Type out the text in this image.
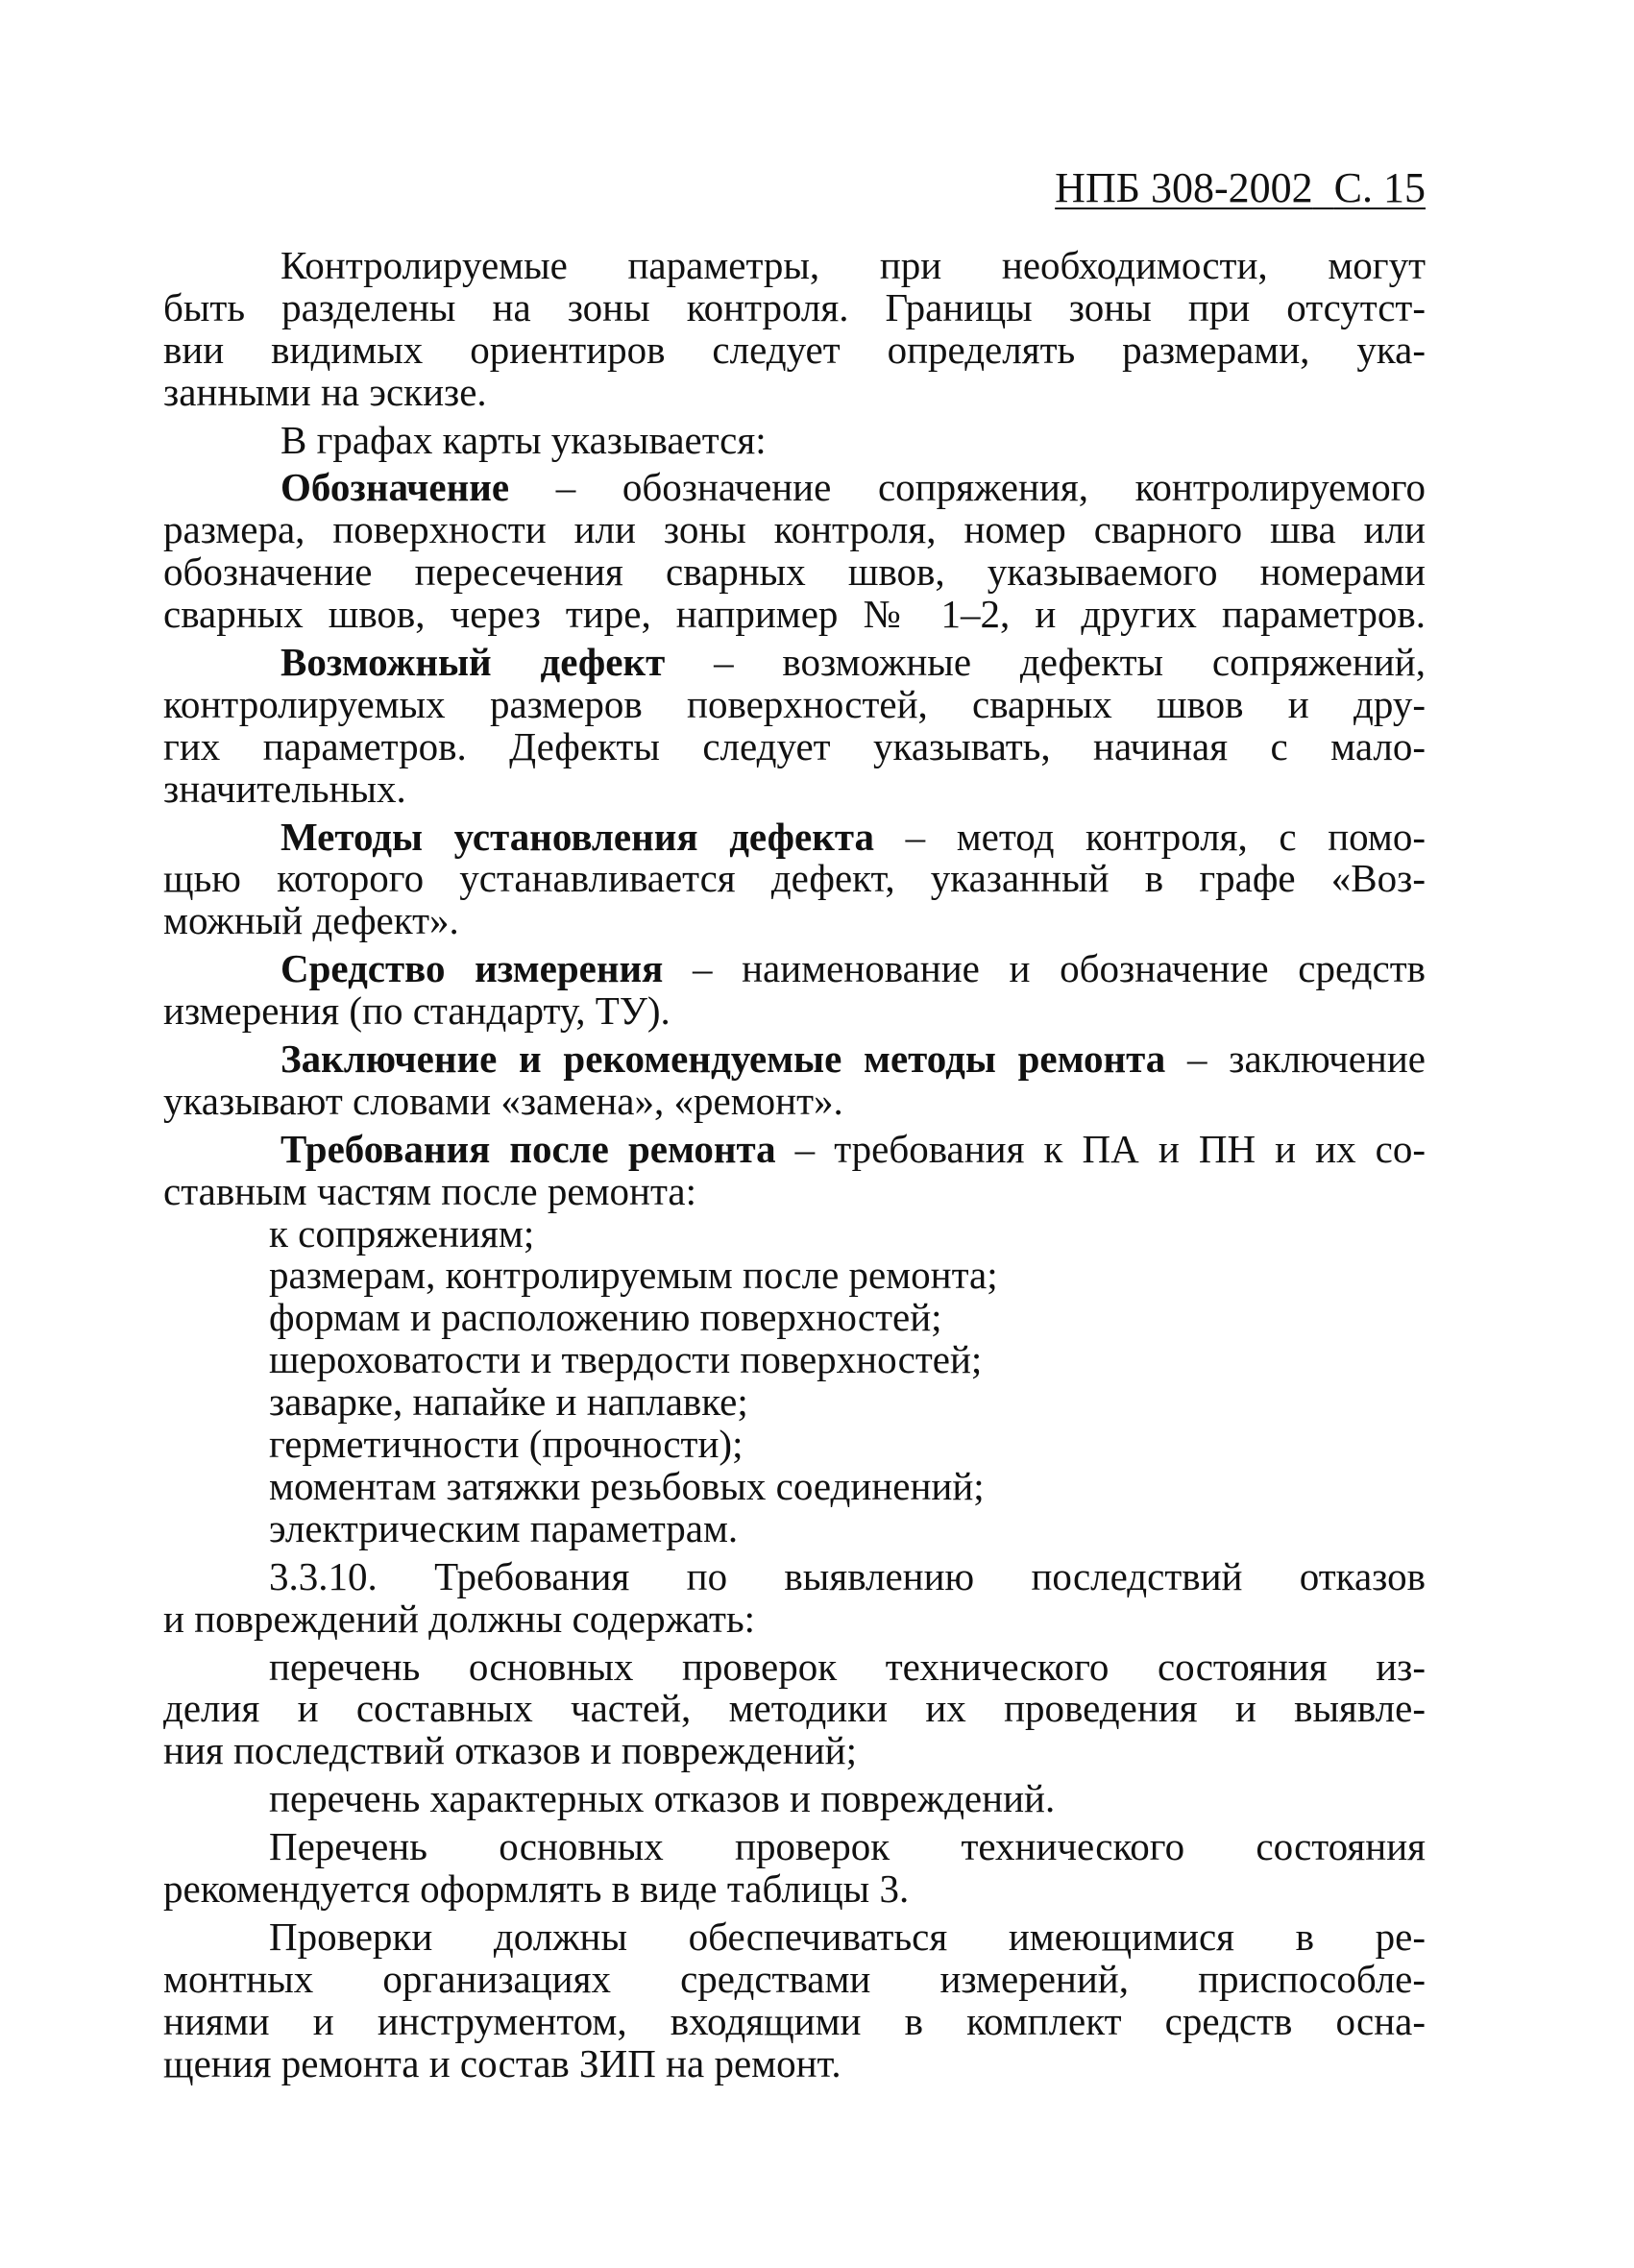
НПБ 308-2002 С. 15
Контролируемые параметры, при необходимости, могут
быть разделены на зоны контроля. Границы зоны при отсутст-
вии видимых ориентиров следует определять размерами, ука-
занными на эскизе.
В графах карты указывается:
Обозначение – обозначение сопряжения, контролируемого
размера, поверхности или зоны контроля, номер сварного шва или
обозначение пересечения сварных швов, указываемого номерами
сварных швов, через тире, например № 1–2, и других параметров.
Возможный дефект – возможные дефекты сопряжений,
контролируемых размеров поверхностей, сварных швов и дру-
гих параметров. Дефекты следует указывать, начиная с мало-
значительных.
Методы установления дефекта – метод контроля, с помо-
щью которого устанавливается дефект, указанный в графе «Воз-
можный дефект».
Средство измерения – наименование и обозначение средств
измерения (по стандарту, ТУ).
Заключение и рекомендуемые методы ремонта – заключение
указывают словами «замена», «ремонт».
Требования после ремонта – требования к ПА и ПН и их со-
ставным частям после ремонта:
к сопряжениям;
размерам, контролируемым после ремонта;
формам и расположению поверхностей;
шероховатости и твердости поверхностей;
заварке, напайке и наплавке;
герметичности (прочности);
моментам затяжки резьбовых соединений;
электрическим параметрам.
3.3.10. Требования по выявлению последствий отказов
и повреждений должны содержать:
перечень основных проверок технического состояния из-
делия и составных частей, методики их проведения и выявле-
ния последствий отказов и повреждений;
перечень характерных отказов и повреждений.
Перечень основных проверок технического состояния
рекомендуется оформлять в виде таблицы 3.
Проверки должны обеспечиваться имеющимися в ре-
монтных организациях средствами измерений, приспособле-
ниями и инструментом, входящими в комплект средств осна-
щения ремонта и состав ЗИП на ремонт.
